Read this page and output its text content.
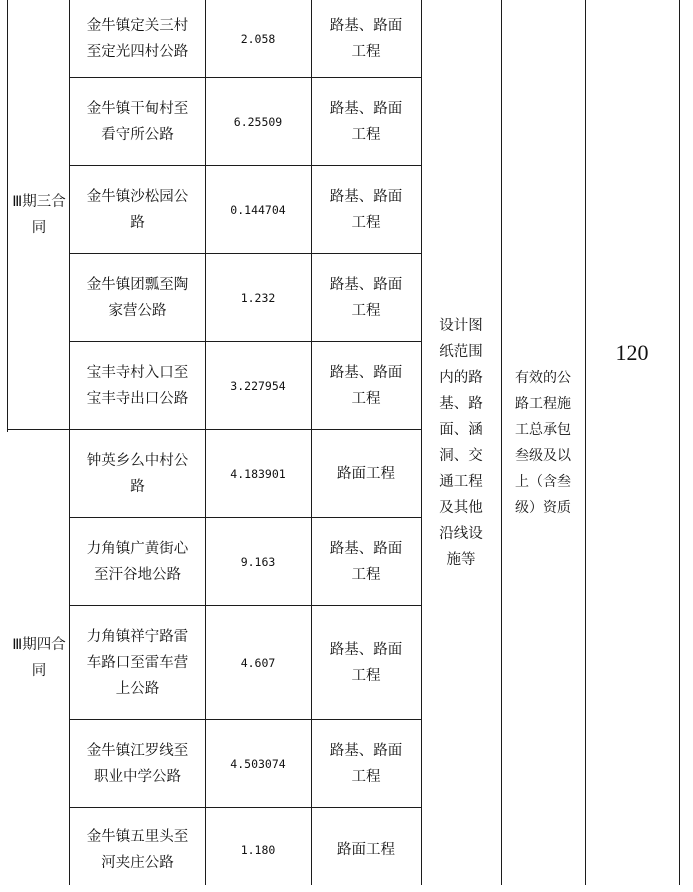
Ⅲ期三合同
Ⅲ期四合同
金牛镇定关三村至定光四村公路
2.058
路基、路面工程
金牛镇干甸村至看守所公路
6.25509
路基、路面工程
金牛镇沙松园公路
0.144704
路基、路面工程
金牛镇团瓢至陶家营公路
1.232
路基、路面工程
宝丰寺村入口至宝丰寺出口公路
3.227954
路基、路面工程
钟英乡么中村公路
4.183901	路面工程
力角镇广黄街心至汗谷地公路
9.163
路基、路面工程
力角镇祥宁路雷车路口至雷车营上公路
4.607
路基、路面工程
金牛镇江罗线至职业中学公路
4.503074
路基、路面工程
金牛镇五里头至河夹庄公路
1.180	路面工程
设计图纸范围内的路基、路面、涵洞、交通工程及其他沿线设施等
有效的公路工程施工总承包叁级及以上（含叁级）资质
120
